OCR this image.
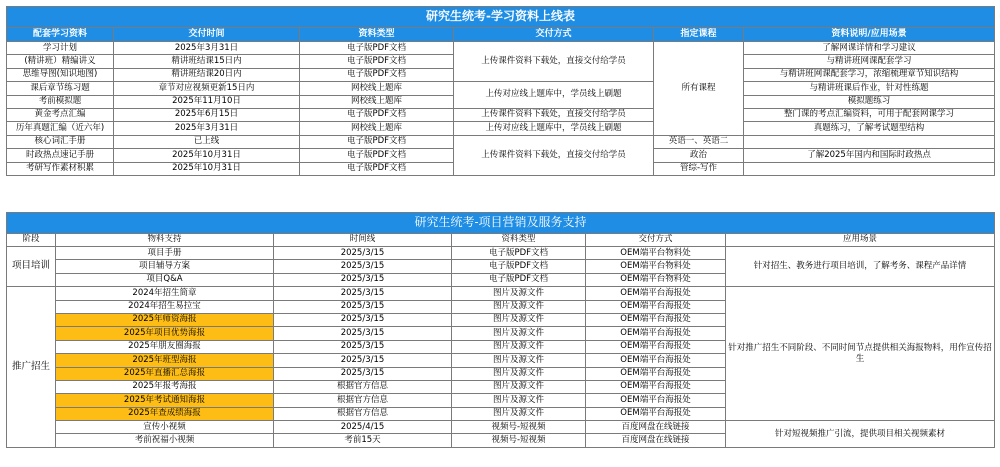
研究生统考-学习资料上线表					
配套学习资料	交付时间	资料类型	交付方式	指定课程	资料说明/应用场景
学习计划	2025年3月31日	电子版PDF文档	上传课件资料下载处，直接交付给学员	所有课程	了解网课详情和学习建议
(精讲班）精编讲义	精讲班结课15日内	电子版PDF文档			与精讲班网课配套学习
思维导图(知识地图)	精讲班结课20日内	电子版PDF文档			与精讲班网课配套学习，浓缩梳理章节知识结构
课后章节练习题	章节对应视频更新15日内	网校线上题库	上传对应线上题库中，学员线上刷题		与精讲班课后作业，针对性练题
考前模拟题	2025年11月10日	网校线上题库			模拟题练习
黄金考点汇编	2025年6月15日	电子版PDF文档	上传课件资料下载处，直接交付给学员		整门课的考点汇编资料，可用于配套网课学习
历年真题汇编（近六年)	2025年3月31日	网校线上题库	上传对应线上题库中，学员线上刷题		真题练习，了解考试题型结构
核心词汇手册	已上线	电子版PDF文档	上传课件资料下载处，直接交付给学员	英语一、英语二	
时政热点速记手册	2025年10月31日	电子版PDF文档		政治	了解2025年国内和国际时政热点
考研写作素材积累	2025年10月31日	电子版PDF文档		管综-写作	
研究生统考-项目营销及服务支持					
阶段	物料支持	时间线	资料类型	交付方式	应用场景
项目培训	项目手册	2025/3/15	电子版PDF文档	OEM端平台物料处	针对招生、教务进行项目培训，了解考务、课程产品详情
	项目辅导方案	2025/3/15	电子版PDF文档	OEM端平台物料处	
	项目Q&A	2025/3/15	电子版PDF文档	OEM端平台物料处	
推广招生	2024年招生简章	2025/3/15	图片及源文件	OEM端平台海报处	针对推广招生不同阶段、不同时间节点提供相关海报物料，用作宣传招生
	2024年招生易拉宝	2025/3/15	图片及源文件	OEM端平台海报处	
	2025年师资海报	2025/3/15	图片及源文件	OEM端平台海报处	
	2025年项目优势海报	2025/3/15	图片及源文件	OEM端平台海报处	
	2025年朋友圈海报	2025/3/15	图片及源文件	OEM端平台海报处	
	2025年班型海报	2025/3/15	图片及源文件	OEM端平台海报处	
	2025年直播汇总海报	2025/3/15	图片及源文件	OEM端平台海报处	
	2025年报考海报	根据官方信息	图片及源文件	OEM端平台海报处	
	2025年考试通知海报	根据官方信息	图片及源文件	OEM端平台海报处	
	2025年查成绩海报	根据官方信息	图片及源文件	OEM端平台海报处	
	宣传小视频	2025/4/15	视频号-短视频	百度网盘在线链接	针对短视频推广引流，提供项目相关视频素材
	考前祝福小视频	考前15天	视频号-短视频	百度网盘在线链接	
